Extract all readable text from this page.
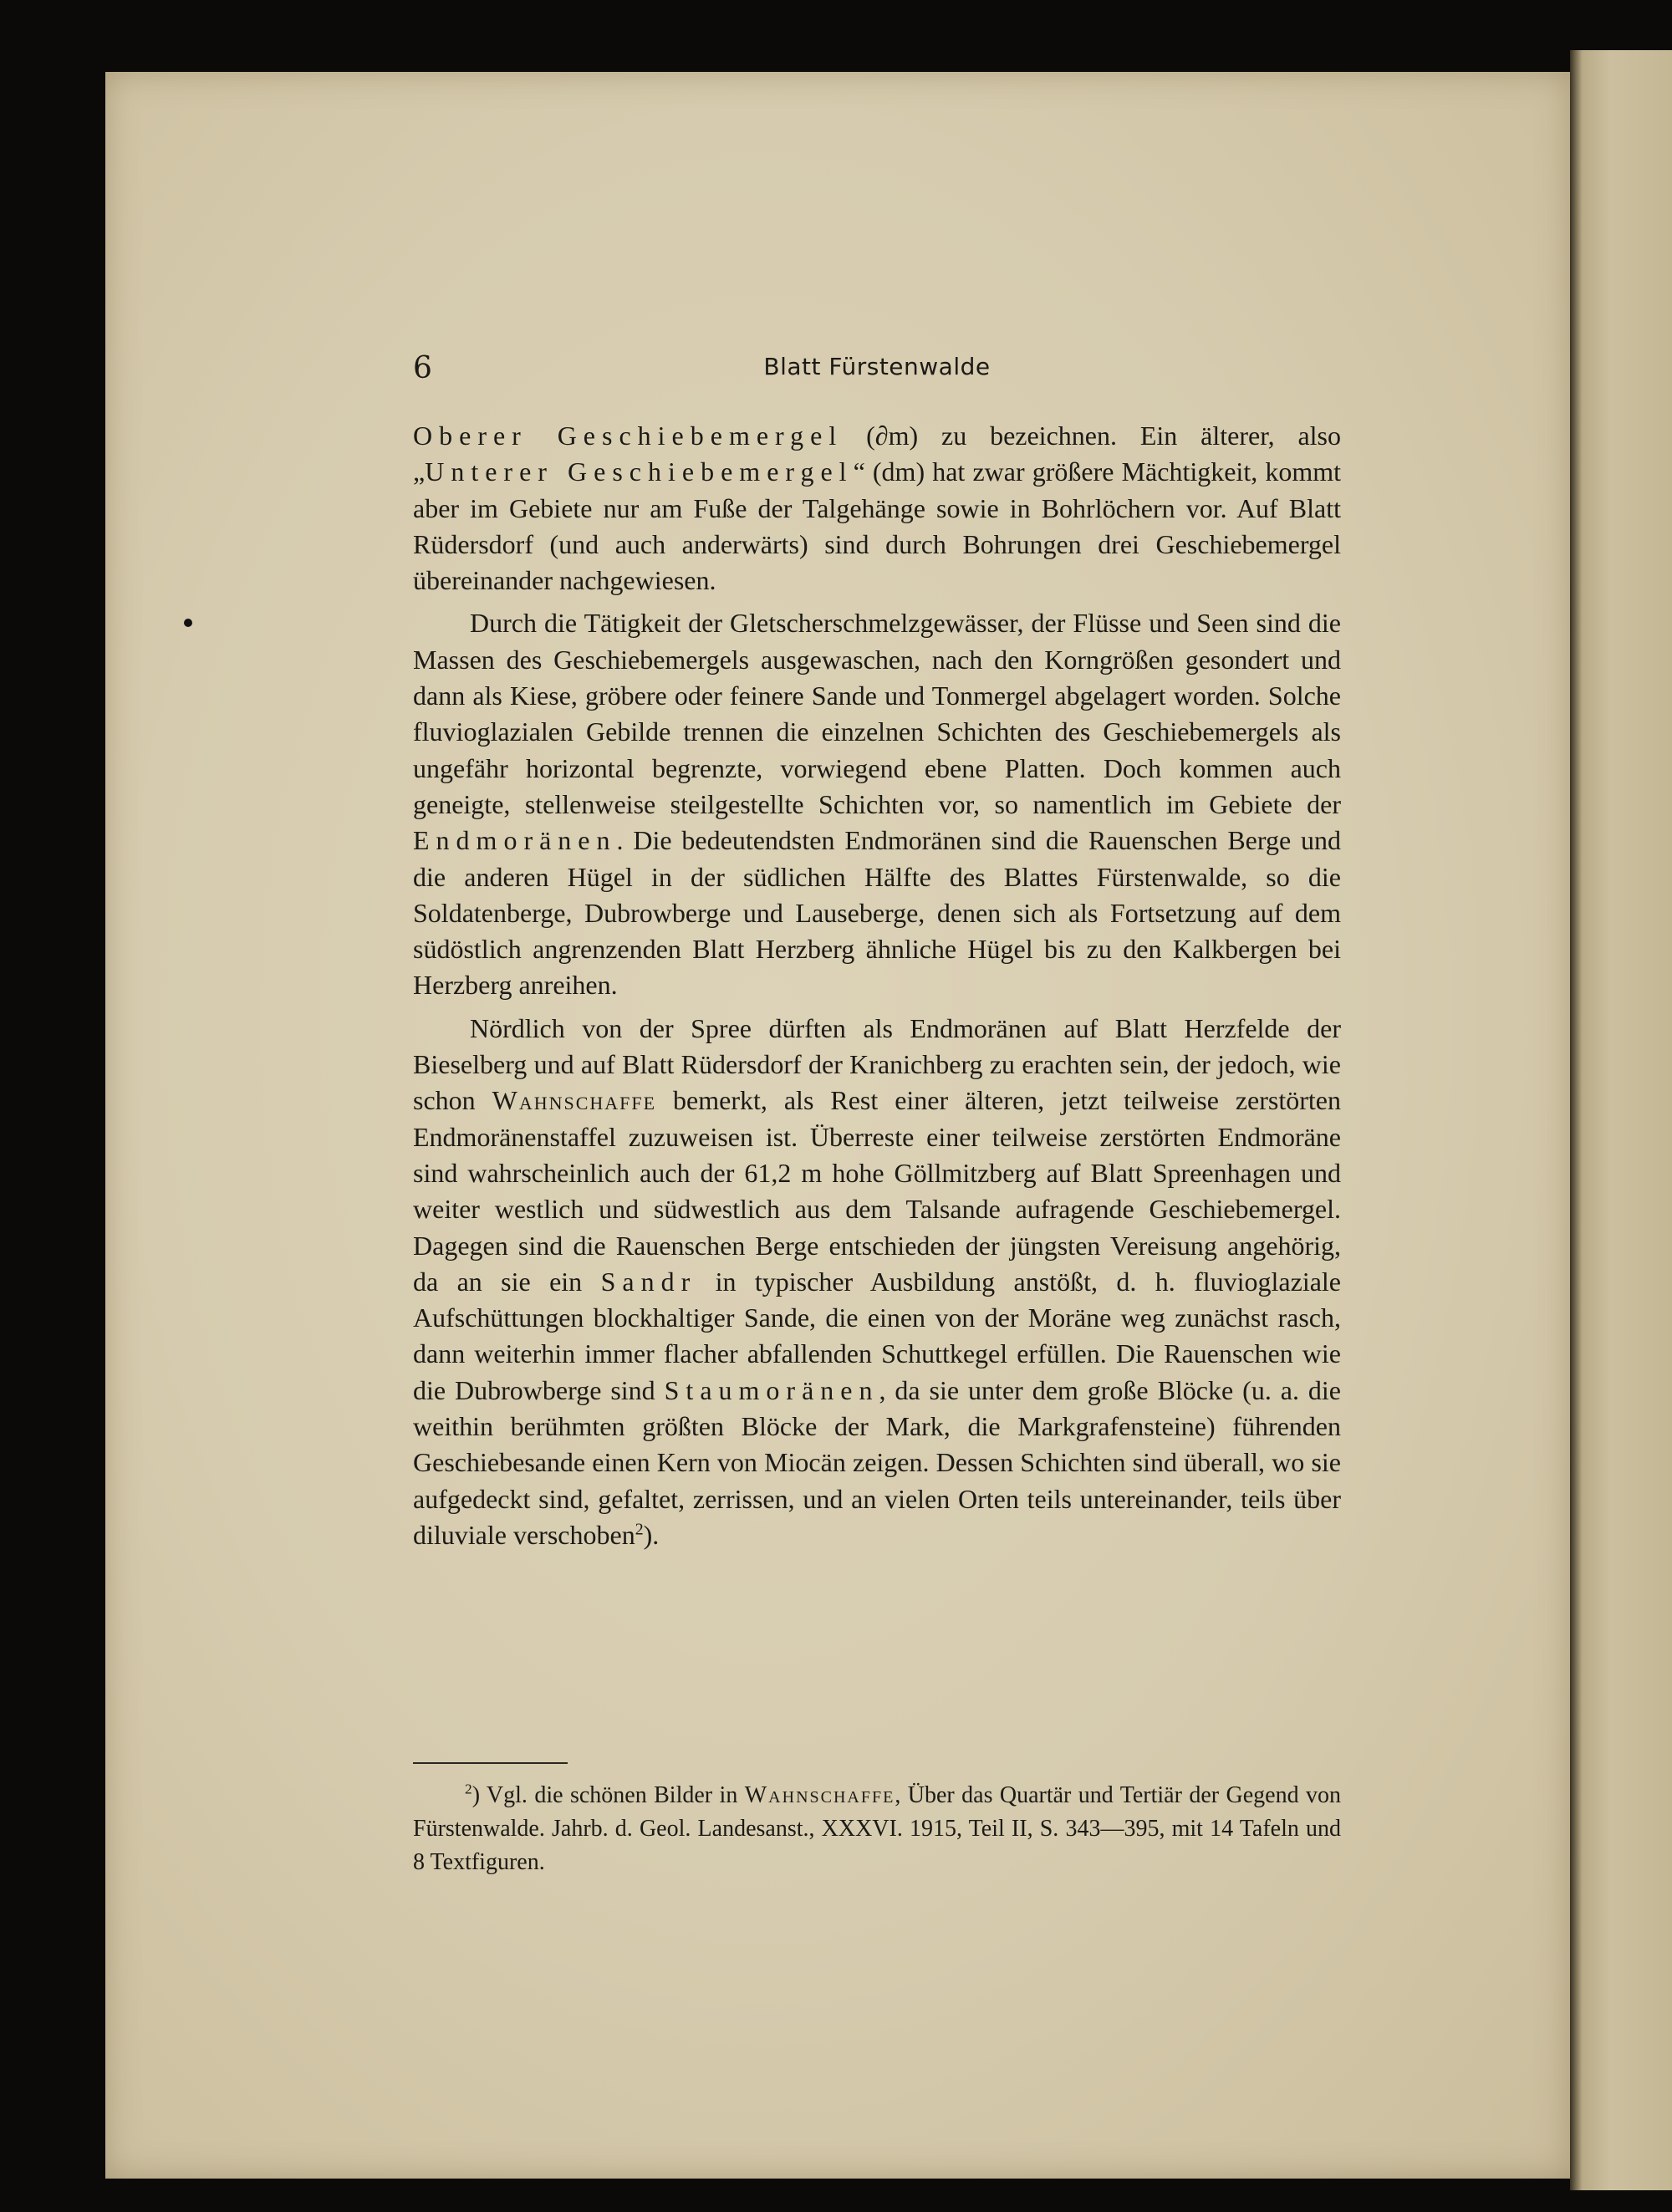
6	Blatt Fürstenwalde

Oberer Geschiebemergel (∂m) zu bezeichnen. Ein älterer, also „Unterer Geschiebemergel“ (dm) hat zwar größere Mächtigkeit, kommt aber im Gebiete nur am Fuße der Talgehänge sowie in Bohrlöchern vor. Auf Blatt Rüdersdorf (und auch anderwärts) sind durch Bohrungen drei Geschiebemergel übereinander nachgewiesen.

Durch die Tätigkeit der Gletscherschmelzgewässer, der Flüsse und Seen sind die Massen des Geschiebemergels ausgewaschen, nach den Korngrößen gesondert und dann als Kiese, gröbere oder feinere Sande und Tonmergel abgelagert worden. Solche fluvioglazialen Gebilde trennen die einzelnen Schichten des Geschiebemergels als ungefähr horizontal begrenzte, vorwiegend ebene Platten. Doch kommen auch geneigte, stellenweise steilgestellte Schichten vor, so namentlich im Gebiete der Endmoränen. Die bedeutendsten Endmoränen sind die Rauenschen Berge und die anderen Hügel in der südlichen Hälfte des Blattes Fürstenwalde, so die Soldatenberge, Dubrowberge und Lauseberge, denen sich als Fortsetzung auf dem südöstlich angrenzenden Blatt Herzberg ähnliche Hügel bis zu den Kalkbergen bei Herzberg anreihen.

Nördlich von der Spree dürften als Endmoränen auf Blatt Herzfelde der Bieselberg und auf Blatt Rüdersdorf der Kranichberg zu erachten sein, der jedoch, wie schon Wahnschaffe bemerkt, als Rest einer älteren, jetzt teilweise zerstörten Endmoränenstaffel zuzuweisen ist. Überreste einer teilweise zerstörten Endmoräne sind wahrscheinlich auch der 61,2 m hohe Göllmitzberg auf Blatt Spreenhagen und weiter westlich und südwestlich aus dem Talsande aufragende Geschiebemergel. Dagegen sind die Rauenschen Berge entschieden der jüngsten Vereisung angehörig, da an sie ein Sandr in typischer Ausbildung anstößt, d. h. fluvioglaziale Aufschüttungen blockhaltiger Sande, die einen von der Moräne weg zunächst rasch, dann weiterhin immer flacher abfallenden Schuttkegel erfüllen. Die Rauenschen wie die Dubrowberge sind Staumoränen, da sie unter dem große Blöcke (u. a. die weithin berühmten größten Blöcke der Mark, die Markgrafensteine) führenden Geschiebesande einen Kern von Miocän zeigen. Dessen Schichten sind überall, wo sie aufgedeckt sind, gefaltet, zerrissen, und an vielen Orten teils untereinander, teils über diluviale verschoben$^2$).

$^2$) Vgl. die schönen Bilder in Wahnschaffe, Über das Quartär und Tertiär der Gegend von Fürstenwalde. Jahrb. d. Geol. Landesanst., XXXVI. 1915, Teil II, S. 343—395, mit 14 Tafeln und 8 Textfiguren.
